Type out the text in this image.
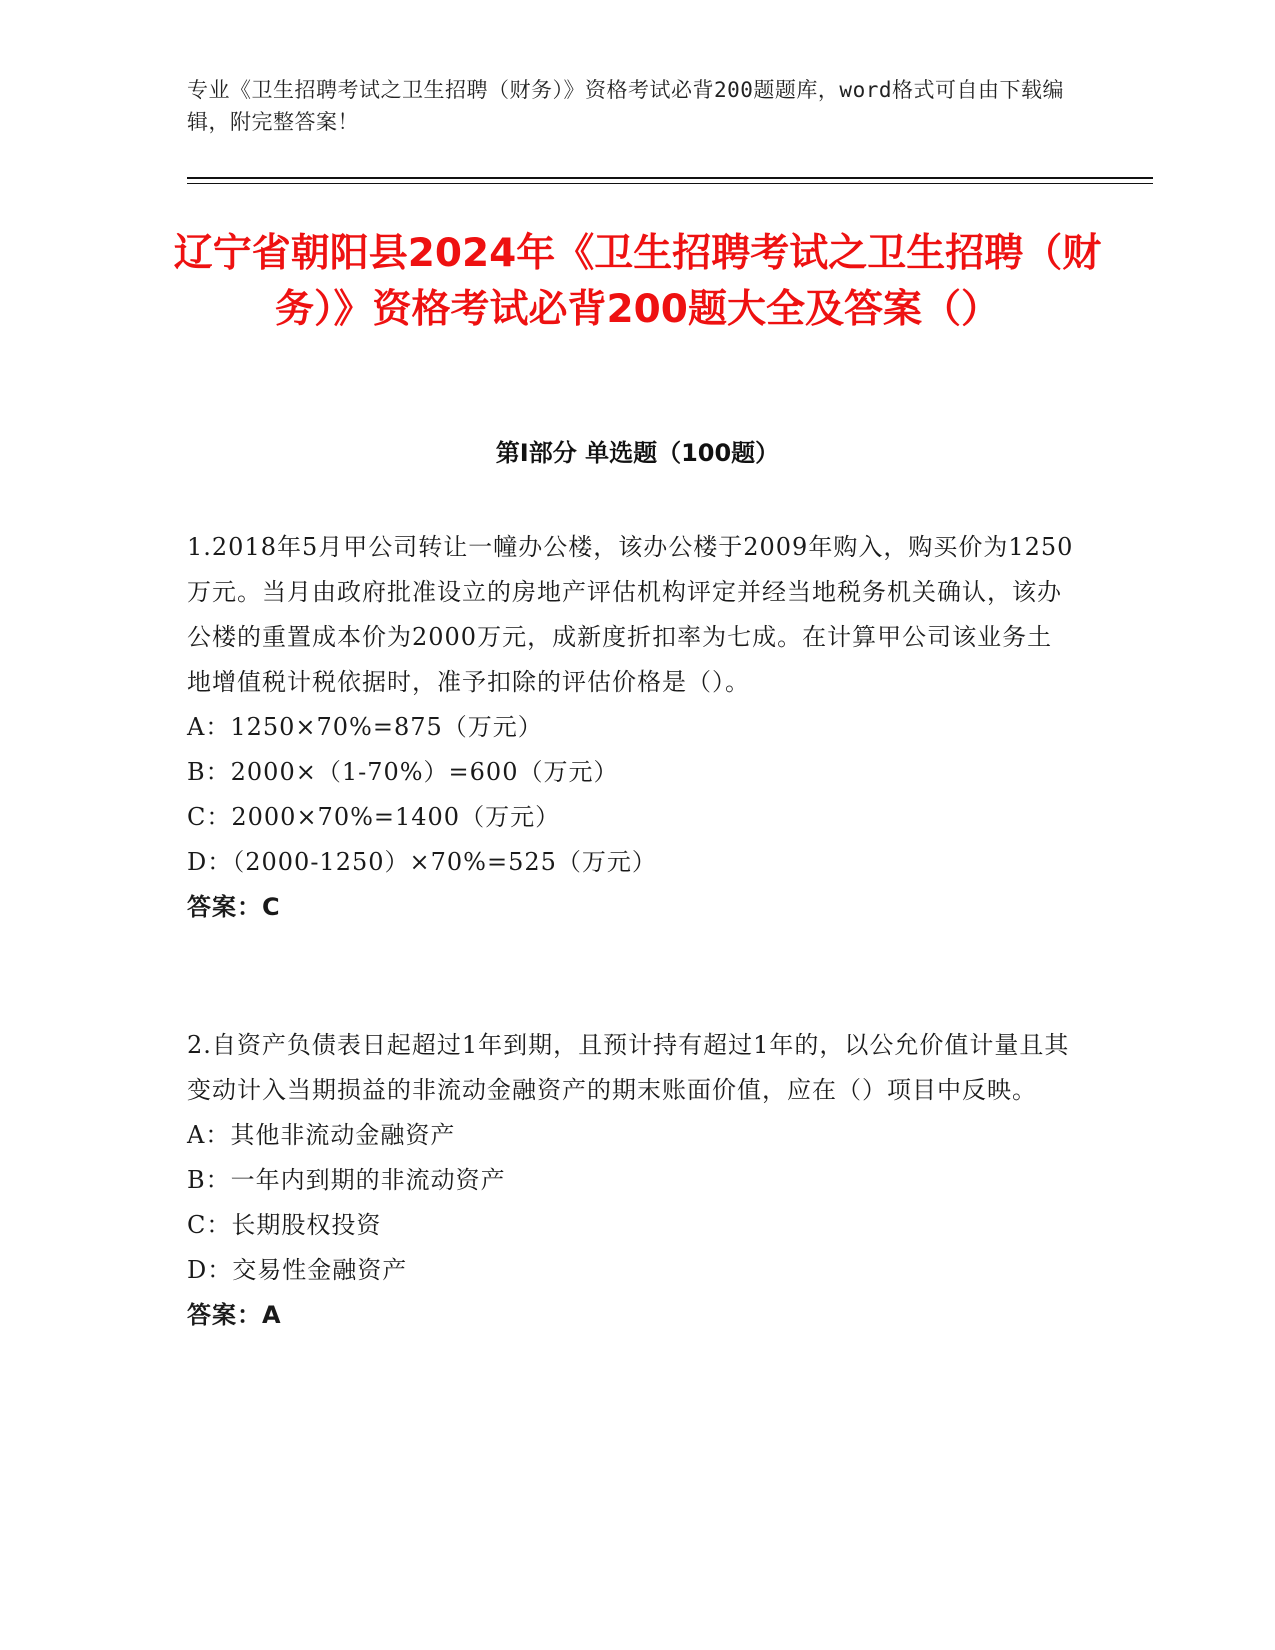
专业《卫生招聘考试之卫生招聘（财务）》资格考试必背200题题库，word格式可自由下载编辑，附完整答案！
辽宁省朝阳县2024年《卫生招聘考试之卫生招聘（财务）》资格考试必背200题大全及答案（）
第I部分 单选题（100题）
1.2018年5月甲公司转让一幢办公楼，该办公楼于2009年购入，购买价为1250万元。当月由政府批准设立的房地产评估机构评定并经当地税务机关确认，该办公楼的重置成本价为2000万元，成新度折扣率为七成。在计算甲公司该业务土地增值税计税依据时，准予扣除的评估价格是（）。
A：1250×70%=875（万元）
B：2000×（1-70%）=600（万元）
C：2000×70%=1400（万元）
D：（2000-1250）×70%=525（万元）
答案：C
2.自资产负债表日起超过1年到期，且预计持有超过1年的，以公允价值计量且其变动计入当期损益的非流动金融资产的期末账面价值，应在（）项目中反映。
A：其他非流动金融资产
B：一年内到期的非流动资产
C：长期股权投资
D：交易性金融资产
答案：A
